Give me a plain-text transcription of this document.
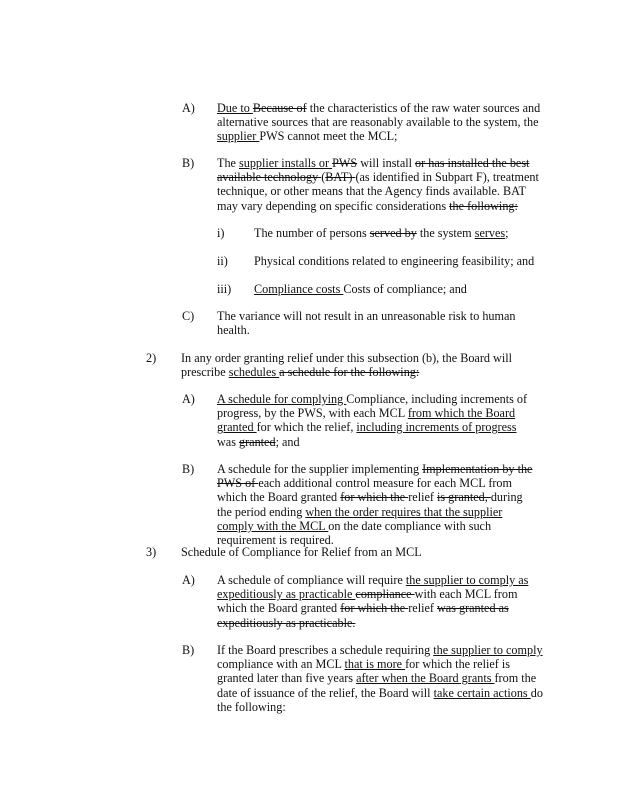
A) Due to Because of the characteristics of the raw water sources and alternative sources that are reasonably available to the system, the supplier PWS cannot meet the MCL;
B) The supplier installs or PWS will install or has installed the best available technology (BAT) (as identified in Subpart F), treatment technique, or other means that the Agency finds available. BAT may vary depending on specific considerations the following:
i) The number of persons served by the system serves;
ii) Physical conditions related to engineering feasibility; and
iii) Compliance costs Costs of compliance; and
C) The variance will not result in an unreasonable risk to human health.
2) In any order granting relief under this subsection (b), the Board will prescribe schedules a schedule for the following:
A) A schedule for complying Compliance, including increments of progress, by the PWS, with each MCL from which the Board granted for which the relief, including increments of progress was granted; and
B) A schedule for the supplier implementing Implementation by the PWS of each additional control measure for each MCL from which the Board granted for which the relief is granted, during the period ending when the order requires that the supplier comply with the MCL on the date compliance with such requirement is required.
3) Schedule of Compliance for Relief from an MCL
A) A schedule of compliance will require the supplier to comply as expeditiously as practicable compliance with each MCL from which the Board granted for which the relief was granted as expeditiously as practicable.
B) If the Board prescribes a schedule requiring the supplier to comply compliance with an MCL that is more for which the relief is granted later than five years after when the Board grants from the date of issuance of the relief, the Board will take certain actions do the following:
